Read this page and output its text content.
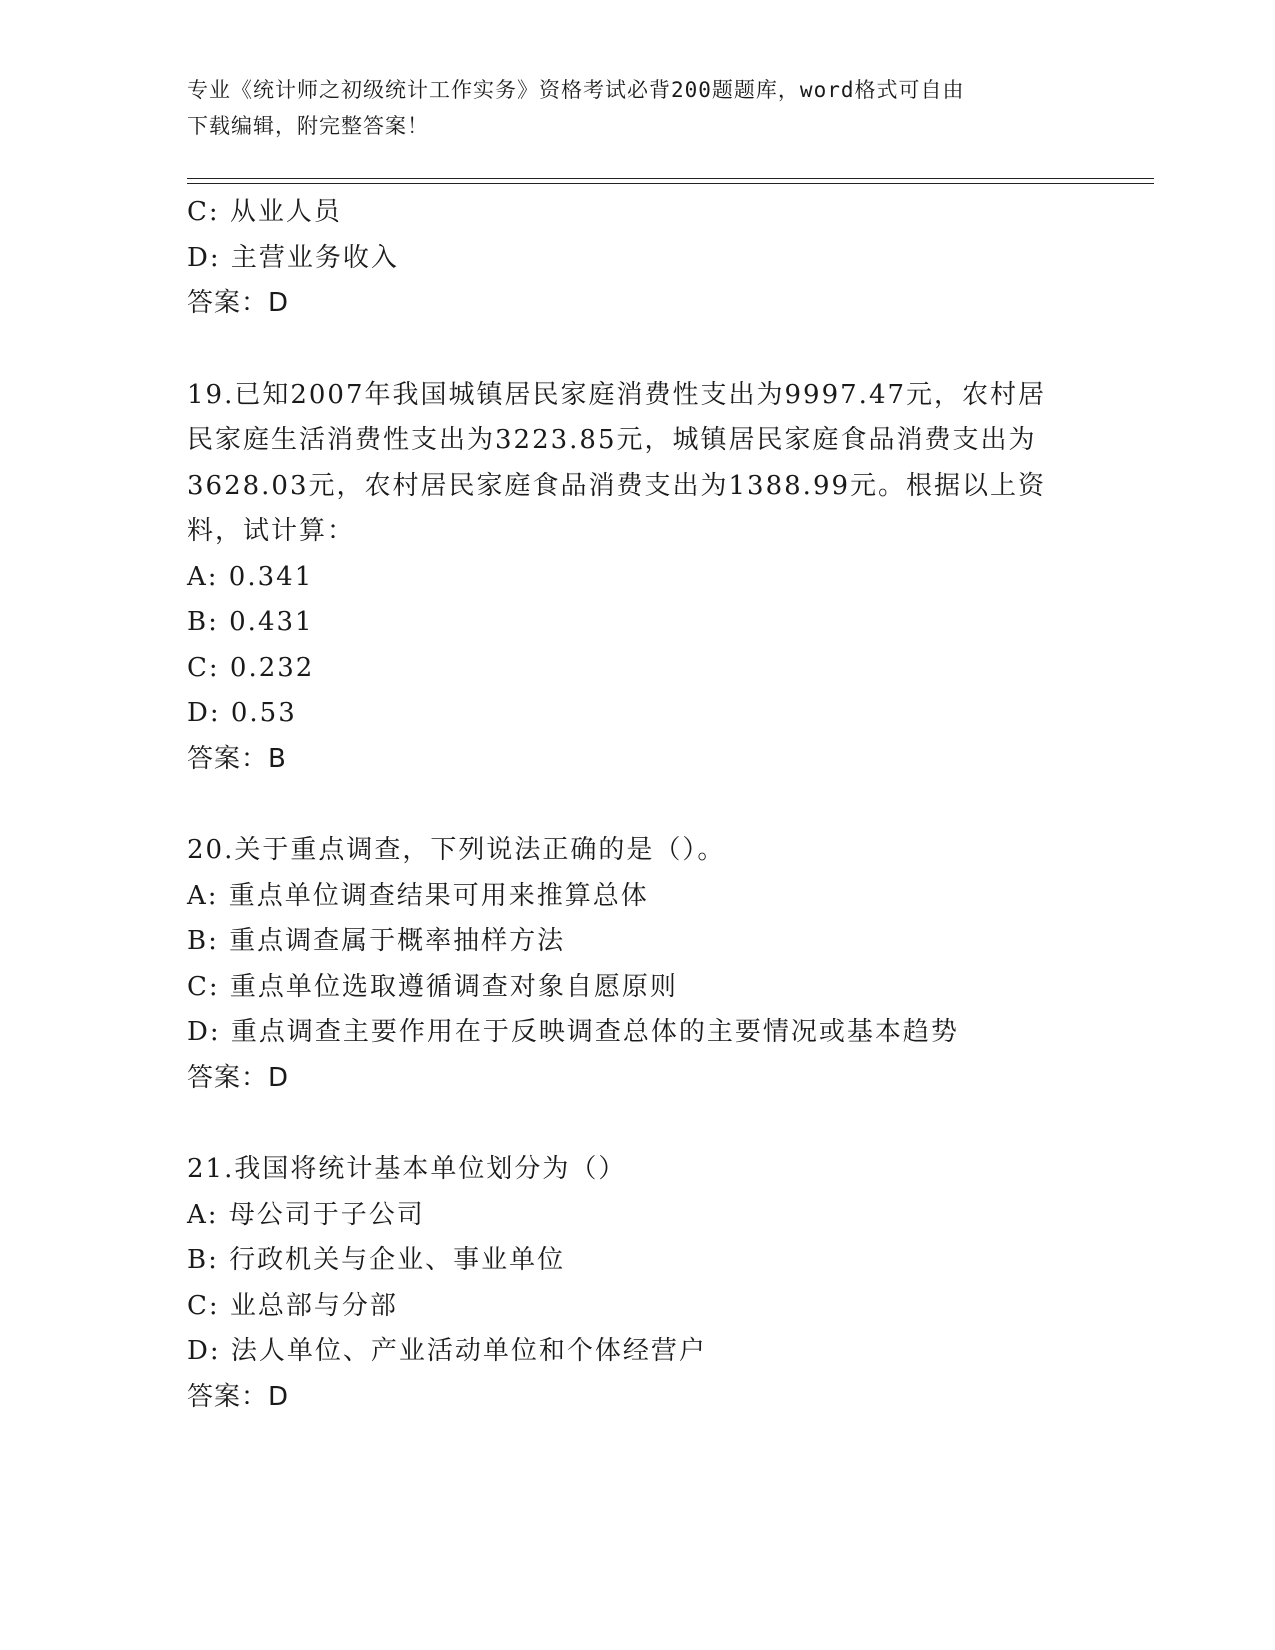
专业《统计师之初级统计工作实务》资格考试必背200题题库，word格式可自由
下载编辑，附完整答案！
C: 从业人员
D: 主营业务收入
答案：D
19.已知2007年我国城镇居民家庭消费性支出为9997.47元，农村居
民家庭生活消费性支出为3223.85元，城镇居民家庭食品消费支出为
3628.03元，农村居民家庭食品消费支出为1388.99元。根据以上资
料，试计算：
A: 0.341
B: 0.431
C: 0.232
D: 0.53
答案：B
20.关于重点调查，下列说法正确的是（）。
A: 重点单位调查结果可用来推算总体
B: 重点调查属于概率抽样方法
C: 重点单位选取遵循调查对象自愿原则
D: 重点调查主要作用在于反映调查总体的主要情况或基本趋势
答案：D
21.我国将统计基本单位划分为（）
A: 母公司于子公司
B: 行政机关与企业、事业单位
C: 业总部与分部
D: 法人单位、产业活动单位和个体经营户
答案：D
